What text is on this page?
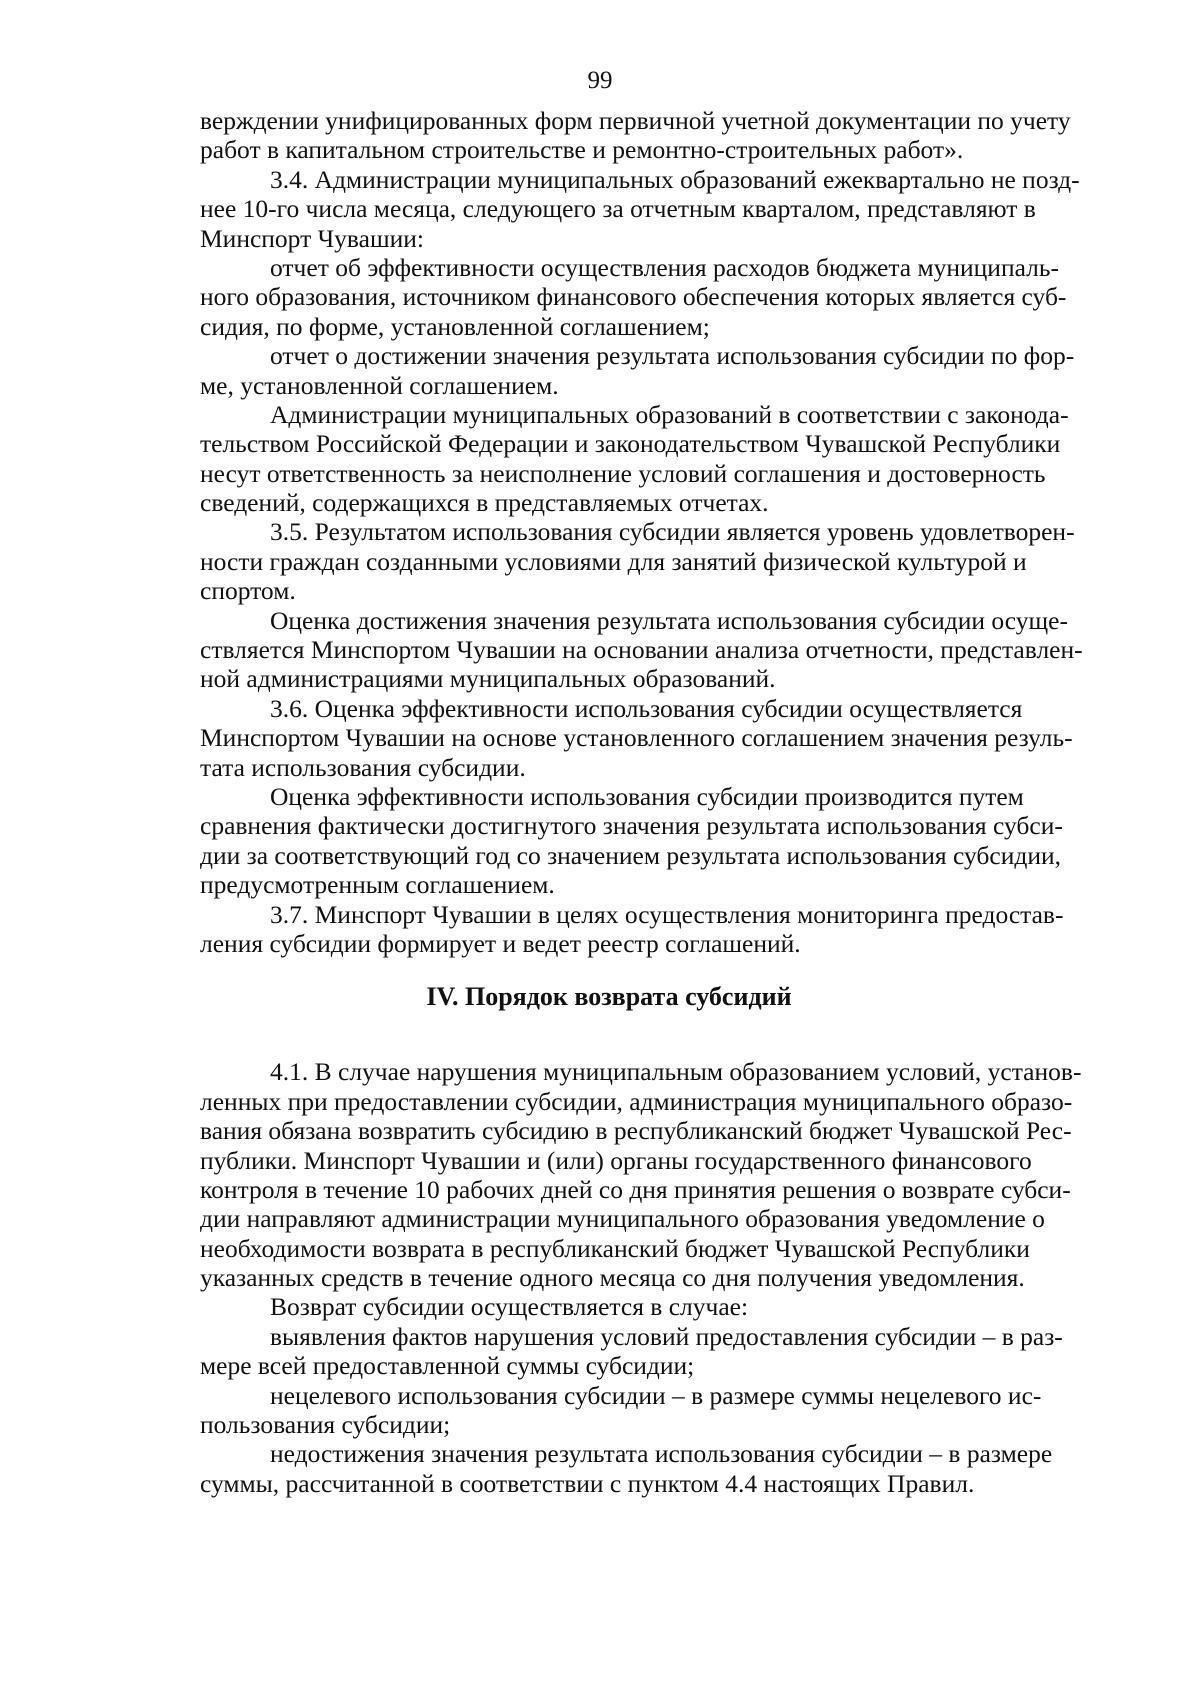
99
верждении унифицированных форм первичной учетной документации по учету
работ в капитальном строительстве и ремонтно-строительных работ».
3.4. Администрации муниципальных образований ежеквартально не позд-
нее 10-го числа месяца, следующего за отчетным кварталом, представляют в
Минспорт Чувашии:
отчет об эффективности осуществления расходов бюджета муниципаль-
ного образования, источником финансового обеспечения которых является суб-
сидия, по форме, установленной соглашением;
отчет о достижении значения результата использования субсидии по фор-
ме, установленной соглашением.
Администрации муниципальных образований в соответствии с законода-
тельством Российской Федерации и законодательством Чувашской Республики
несут ответственность за неисполнение условий соглашения и достоверность
сведений, содержащихся в представляемых отчетах.
3.5. Результатом использования субсидии является уровень удовлетворен-
ности граждан созданными условиями для занятий физической культурой и
спортом.
Оценка достижения значения результата использования субсидии осуще-
ствляется Минспортом Чувашии на основании анализа отчетности, представлен-
ной администрациями муниципальных образований.
3.6. Оценка эффективности использования субсидии осуществляется
Минспортом Чувашии на основе установленного соглашением значения резуль-
тата использования субсидии.
Оценка эффективности использования субсидии производится путем
сравнения фактически достигнутого значения результата использования субси-
дии за соответствующий год со значением результата использования субсидии,
предусмотренным соглашением.
3.7. Минспорт Чувашии в целях осуществления мониторинга предостав-
ления субсидии формирует и ведет реестр соглашений.
IV. Порядок возврата субсидий
4.1. В случае нарушения муниципальным образованием условий, установ-
ленных при предоставлении субсидии, администрация муниципального образо-
вания обязана возвратить субсидию в республиканский бюджет Чувашской Рес-
публики. Минспорт Чувашии и (или) органы государственного финансового
контроля в течение 10 рабочих дней со дня принятия решения о возврате субси-
дии направляют администрации муниципального образования уведомление о
необходимости возврата в республиканский бюджет Чувашской Республики
указанных средств в течение одного месяца со дня получения уведомления.
Возврат субсидии осуществляется в случае:
выявления фактов нарушения условий предоставления субсидии – в раз-
мере всей предоставленной суммы субсидии;
нецелевого использования субсидии – в размере суммы нецелевого ис-
пользования субсидии;
недостижения значения результата использования субсидии – в размере
суммы, рассчитанной в соответствии с пунктом 4.4 настоящих Правил.
